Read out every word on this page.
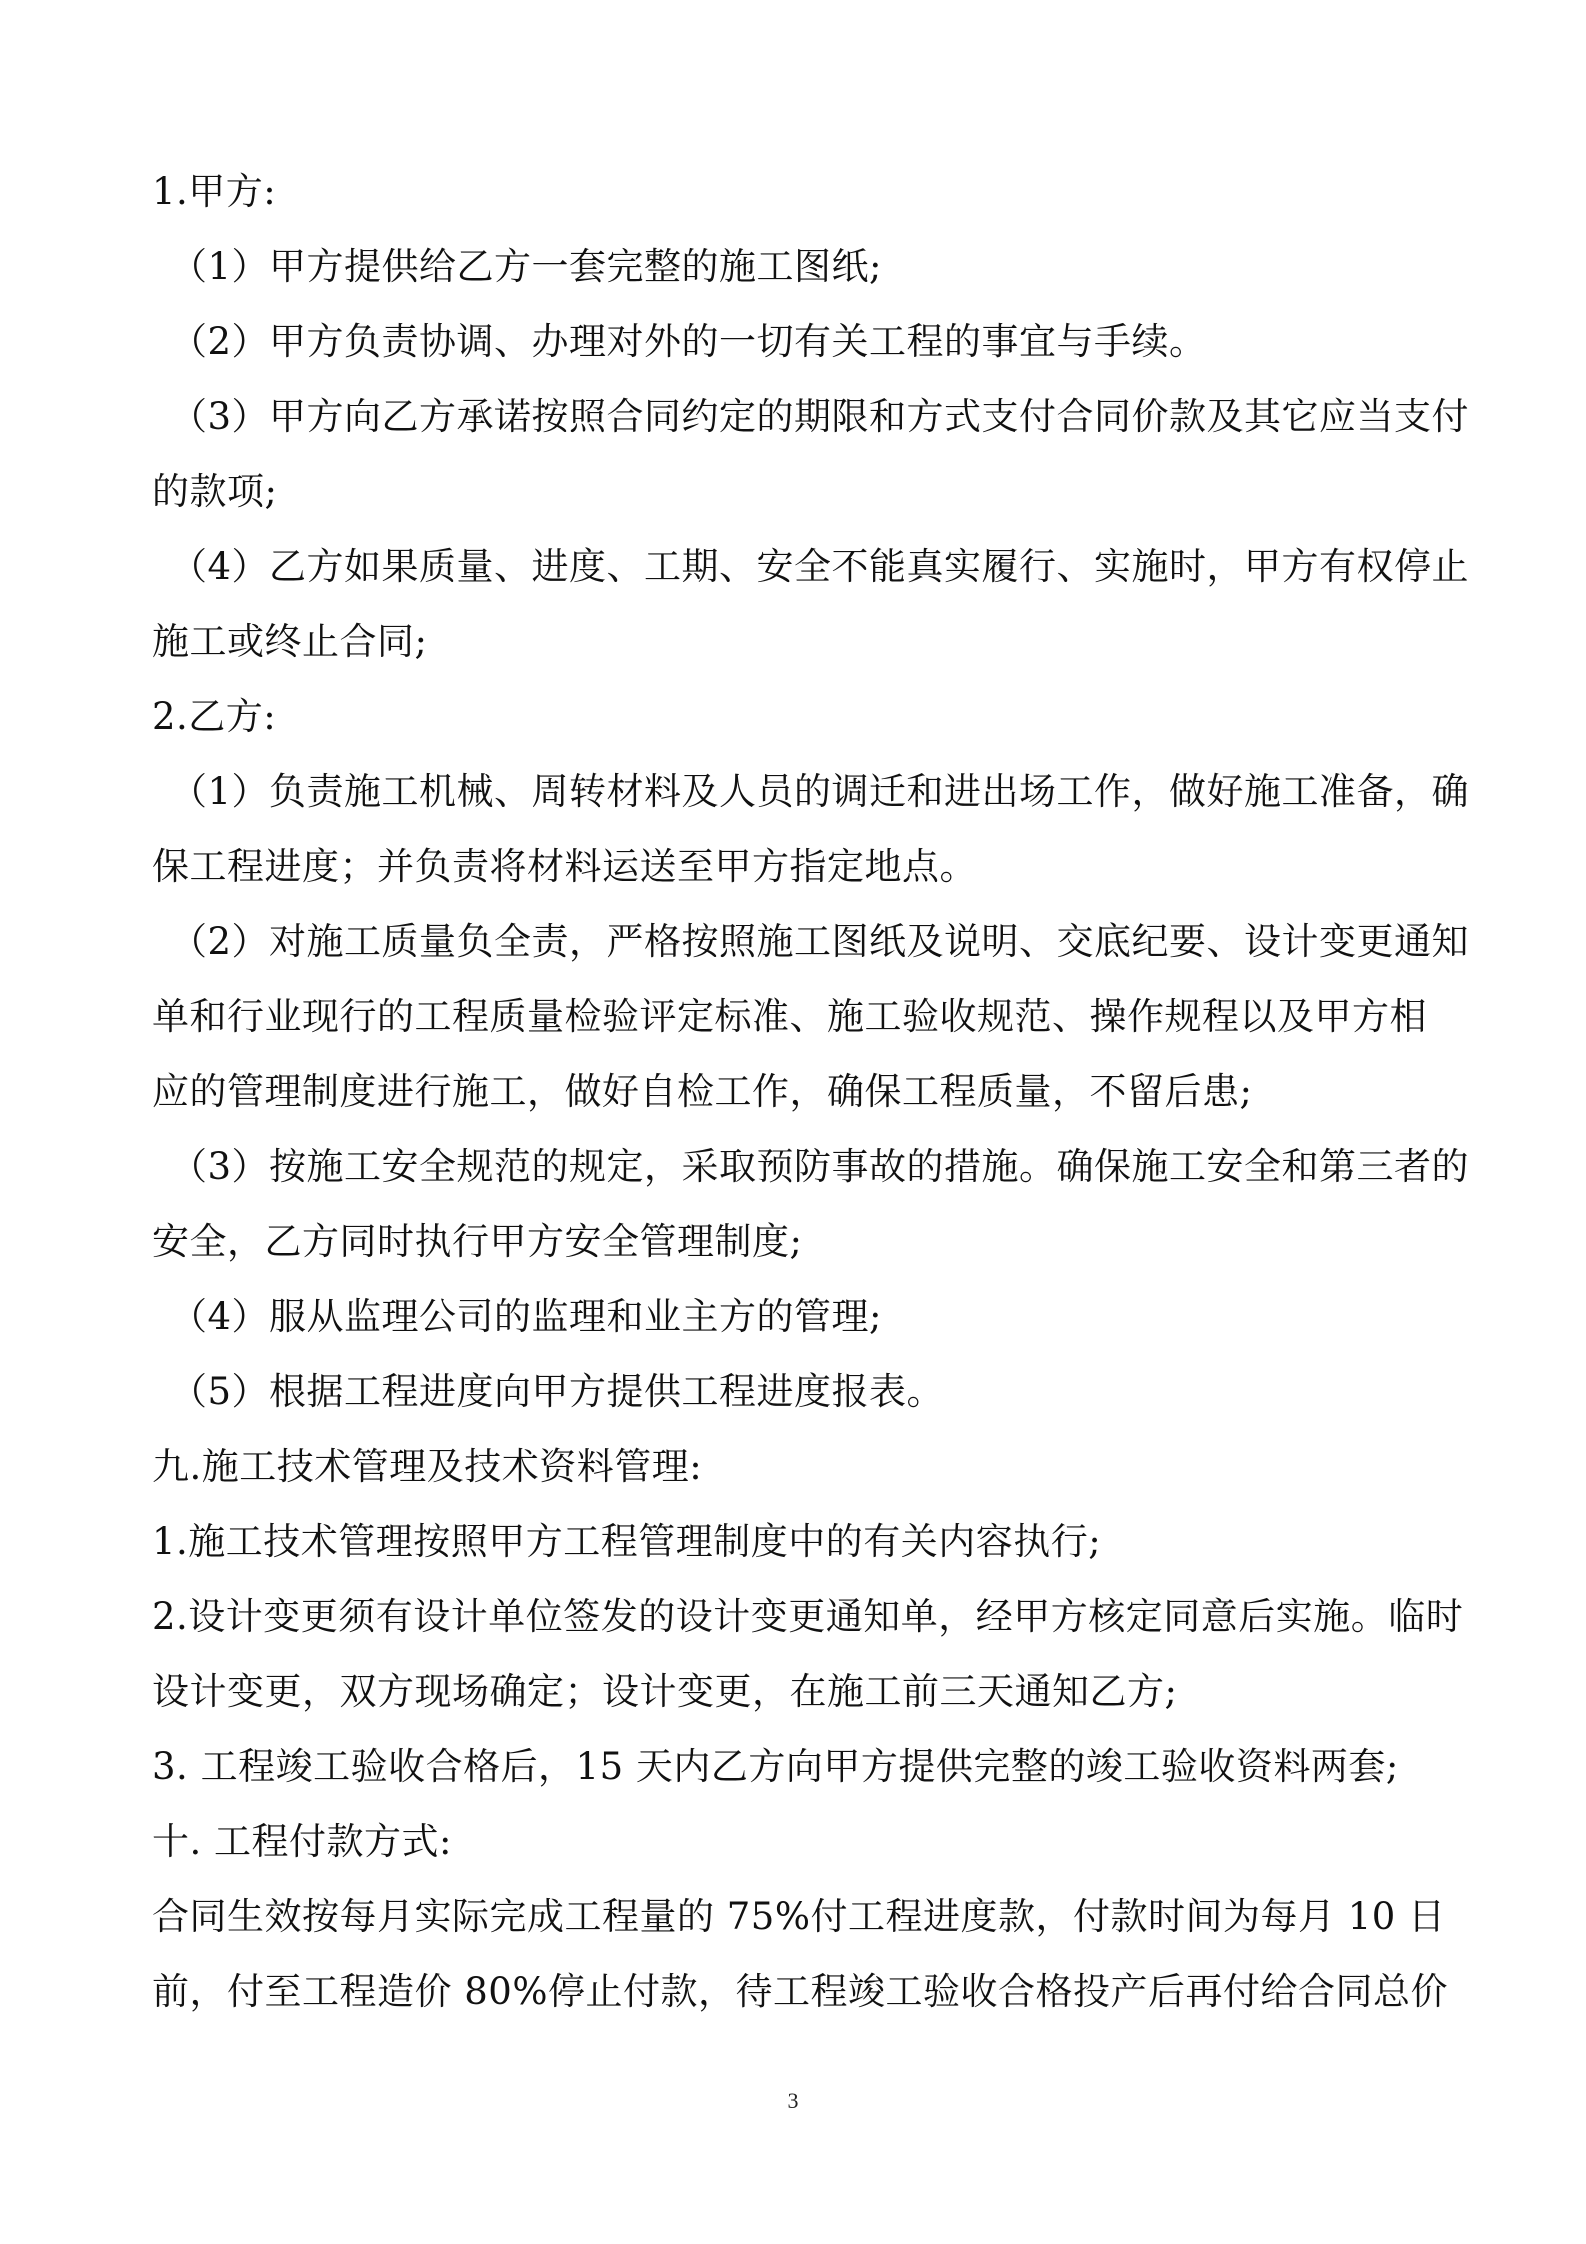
1.甲方:
（1）甲方提供给乙方一套完整的施工图纸;
（2）甲方负责协调、办理对外的一切有关工程的事宜与手续。
（3）甲方向乙方承诺按照合同约定的期限和方式支付合同价款及其它应当支付
的款项;
（4）乙方如果质量、进度、工期、安全不能真实履行、实施时，甲方有权停止
施工或终止合同;
2.乙方:
（1）负责施工机械、周转材料及人员的调迁和进出场工作，做好施工准备，确
保工程进度；并负责将材料运送至甲方指定地点。
（2）对施工质量负全责，严格按照施工图纸及说明、交底纪要、设计变更通知
单和行业现行的工程质量检验评定标准、施工验收规范、操作规程以及甲方相
应的管理制度进行施工，做好自检工作，确保工程质量，不留后患;
（3）按施工安全规范的规定，采取预防事故的措施。确保施工安全和第三者的
安全，乙方同时执行甲方安全管理制度;
（4）服从监理公司的监理和业主方的管理;
（5）根据工程进度向甲方提供工程进度报表。
九.施工技术管理及技术资料管理:
1.施工技术管理按照甲方工程管理制度中的有关内容执行;
2.设计变更须有设计单位签发的设计变更通知单，经甲方核定同意后实施。临时
设计变更，双方现场确定；设计变更，在施工前三天通知乙方;
3. 工程竣工验收合格后，15 天内乙方向甲方提供完整的竣工验收资料两套;
十. 工程付款方式:
合同生效按每月实际完成工程量的 75%付工程进度款，付款时间为每月 10 日
前，付至工程造价 80%停止付款，待工程竣工验收合格投产后再付给合同总价
3
